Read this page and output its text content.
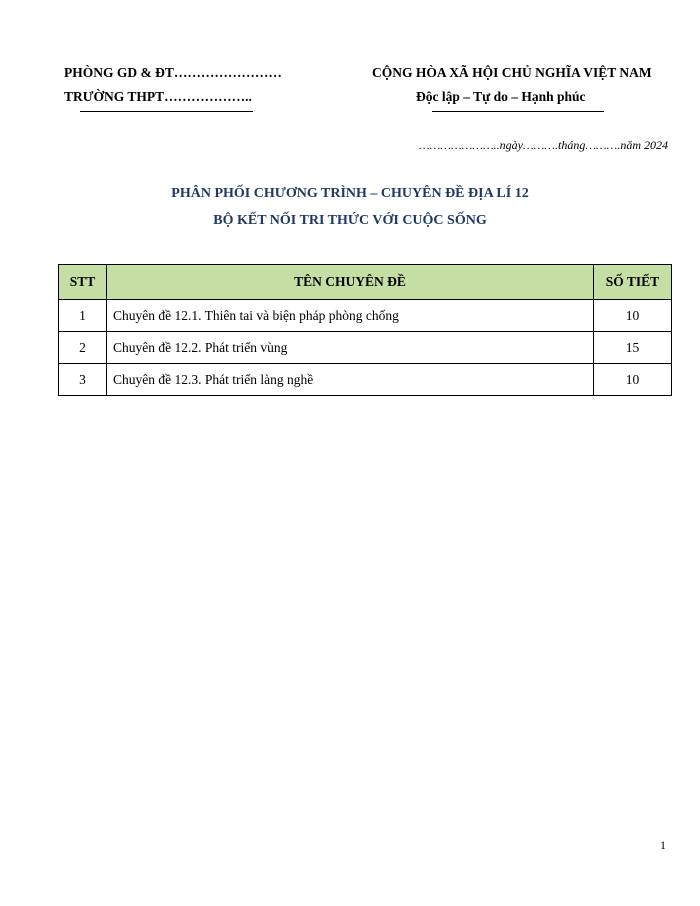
PHÒNG GD & ĐT……………………
TRƯỜNG THPT………………..
CỘNG HÒA XÃ HỘI CHỦ NGHĨA VIỆT NAM
Độc lập – Tự do – Hạnh phúc
…………………..ngày……….tháng……….năm 2024
PHÂN PHỐI CHƯƠNG TRÌNH – CHUYÊN ĐỀ ĐỊA LÍ 12
BỘ KẾT NỐI TRI THỨC VỚI CUỘC SỐNG
STT	TÊN CHUYÊN ĐỀ	SỐ TIẾT
1	Chuyên đề 12.1. Thiên tai và biện pháp phòng chống	10
2	Chuyên đề 12.2. Phát triển vùng	15
3	Chuyên đề 12.3. Phát triển làng nghề	10
1
